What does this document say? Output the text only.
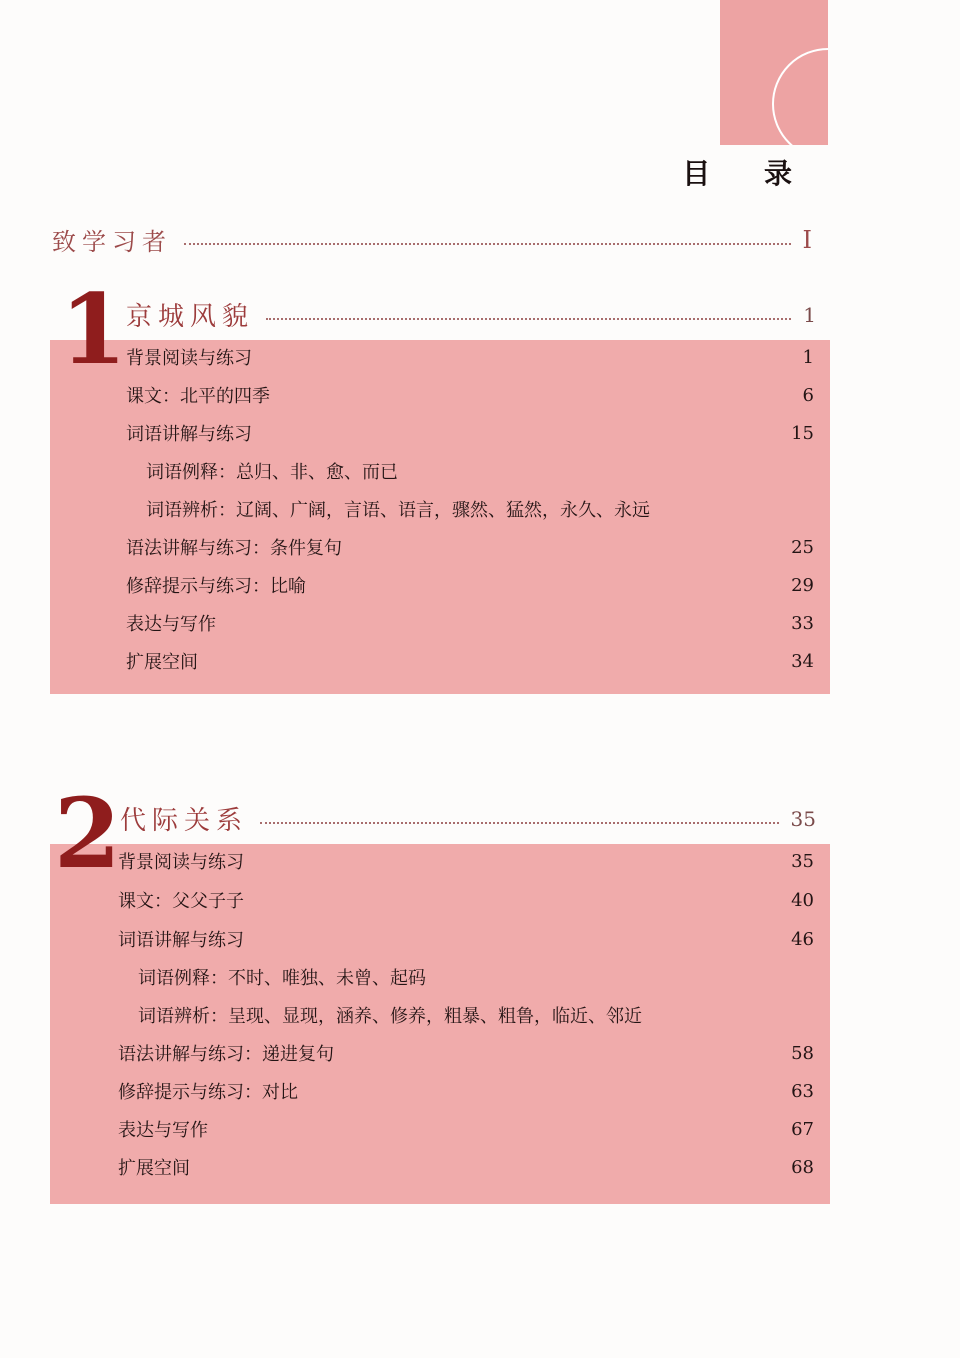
目 录
致学习者	I
1 京城风貌	1
背景阅读与练习	1
课文：北平的四季	6
词语讲解与练习	15
词语例释：总归、非、愈、而已
词语辨析：辽阔、广阔，言语、语言，骤然、猛然，永久、永远
语法讲解与练习：条件复句	25
修辞提示与练习：比喻	29
表达与写作	33
扩展空间	34
2 代际关系	35
背景阅读与练习	35
课文：父父子子	40
词语讲解与练习	46
词语例释：不时、唯独、未曾、起码
词语辨析：呈现、显现，涵养、修养，粗暴、粗鲁，临近、邻近
语法讲解与练习：递进复句	58
修辞提示与练习：对比	63
表达与写作	67
扩展空间	68
